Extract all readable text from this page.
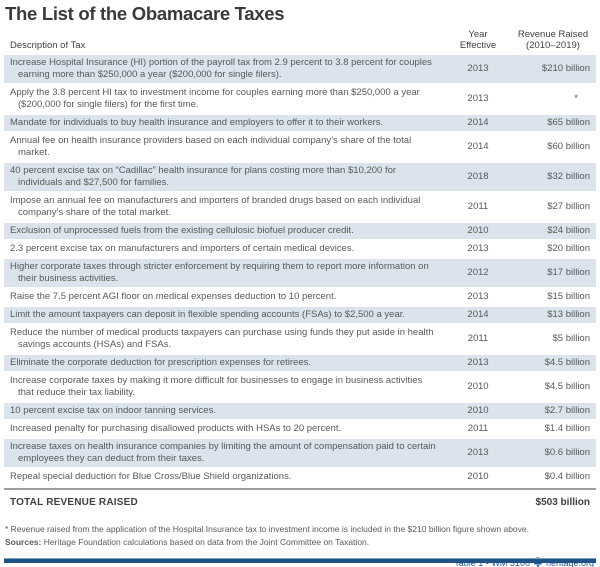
The List of the Obamacare Taxes
Description of Tax
Year
Effective
Revenue Raised
(2010–2019)
Increase Hospital Insurance (HI) portion of the payroll tax from 2.9 percent to 3.8 percent for couples earning more than $250,000 a year ($200,000 for single filers).
2013	$210 billion
Apply the 3.8 percent HI tax to investment income for couples earning more than $250,000 a year ($200,000 for single filers) for the first time.
2013	*
Mandate for individuals to buy health insurance and employers to offer it to their workers.	2014	$65 billion
Annual fee on health insurance providers based on each individual company’s share of the total market.
2014	$60 billion
40 percent excise tax on “Cadillac” health insurance for plans costing more than $10,200 for individuals and $27,500 for families.
2018	$32 billion
Impose an annual fee on manufacturers and importers of branded drugs based on each individual company’s share of the total market.
2011	$27 billion
Exclusion of unprocessed fuels from the existing cellulosic biofuel producer credit.	2010	$24 billion
2.3 percent excise tax on manufacturers and importers of certain medical devices.	2013	$20 billion
Higher corporate taxes through stricter enforcement by requiring them to report more information on their business activities.
2012	$17 billion
Raise the 7.5 percent AGI floor on medical expenses deduction to 10 percent.	2013	$15 billion
Limit the amount taxpayers can deposit in flexible spending accounts (FSAs) to $2,500 a year.	2014	$13 billion
Reduce the number of medical products taxpayers can purchase using funds they put aside in health savings accounts (HSAs) and FSAs.
2011	$5 billion
Eliminate the corporate deduction for prescription expenses for retirees.	2013	$4.5 billion
Increase corporate taxes by making it more difficult for businesses to engage in business activities that reduce their tax liability.
2010	$4.5 billion
10 percent excise tax on indoor tanning services.	2010	$2.7 billion
Increased penalty for purchasing disallowed products with HSAs to 20 percent.	2011	$1.4 billion
Increase taxes on health insurance companies by limiting the amount of compensation paid to certain employees they can deduct from their taxes.
2013	$0.6 billion
Repeal special deduction for Blue Cross/Blue Shield organizations.	2010	$0.4 billion
TOTAL REVENUE RAISED	$503 billion
* Revenue raised from the application of the Hospital Insurance tax to investment income is included in the $210 billion figure shown above.
Sources: Heritage Foundation calculations based on data from the Joint Committee on Taxation.
